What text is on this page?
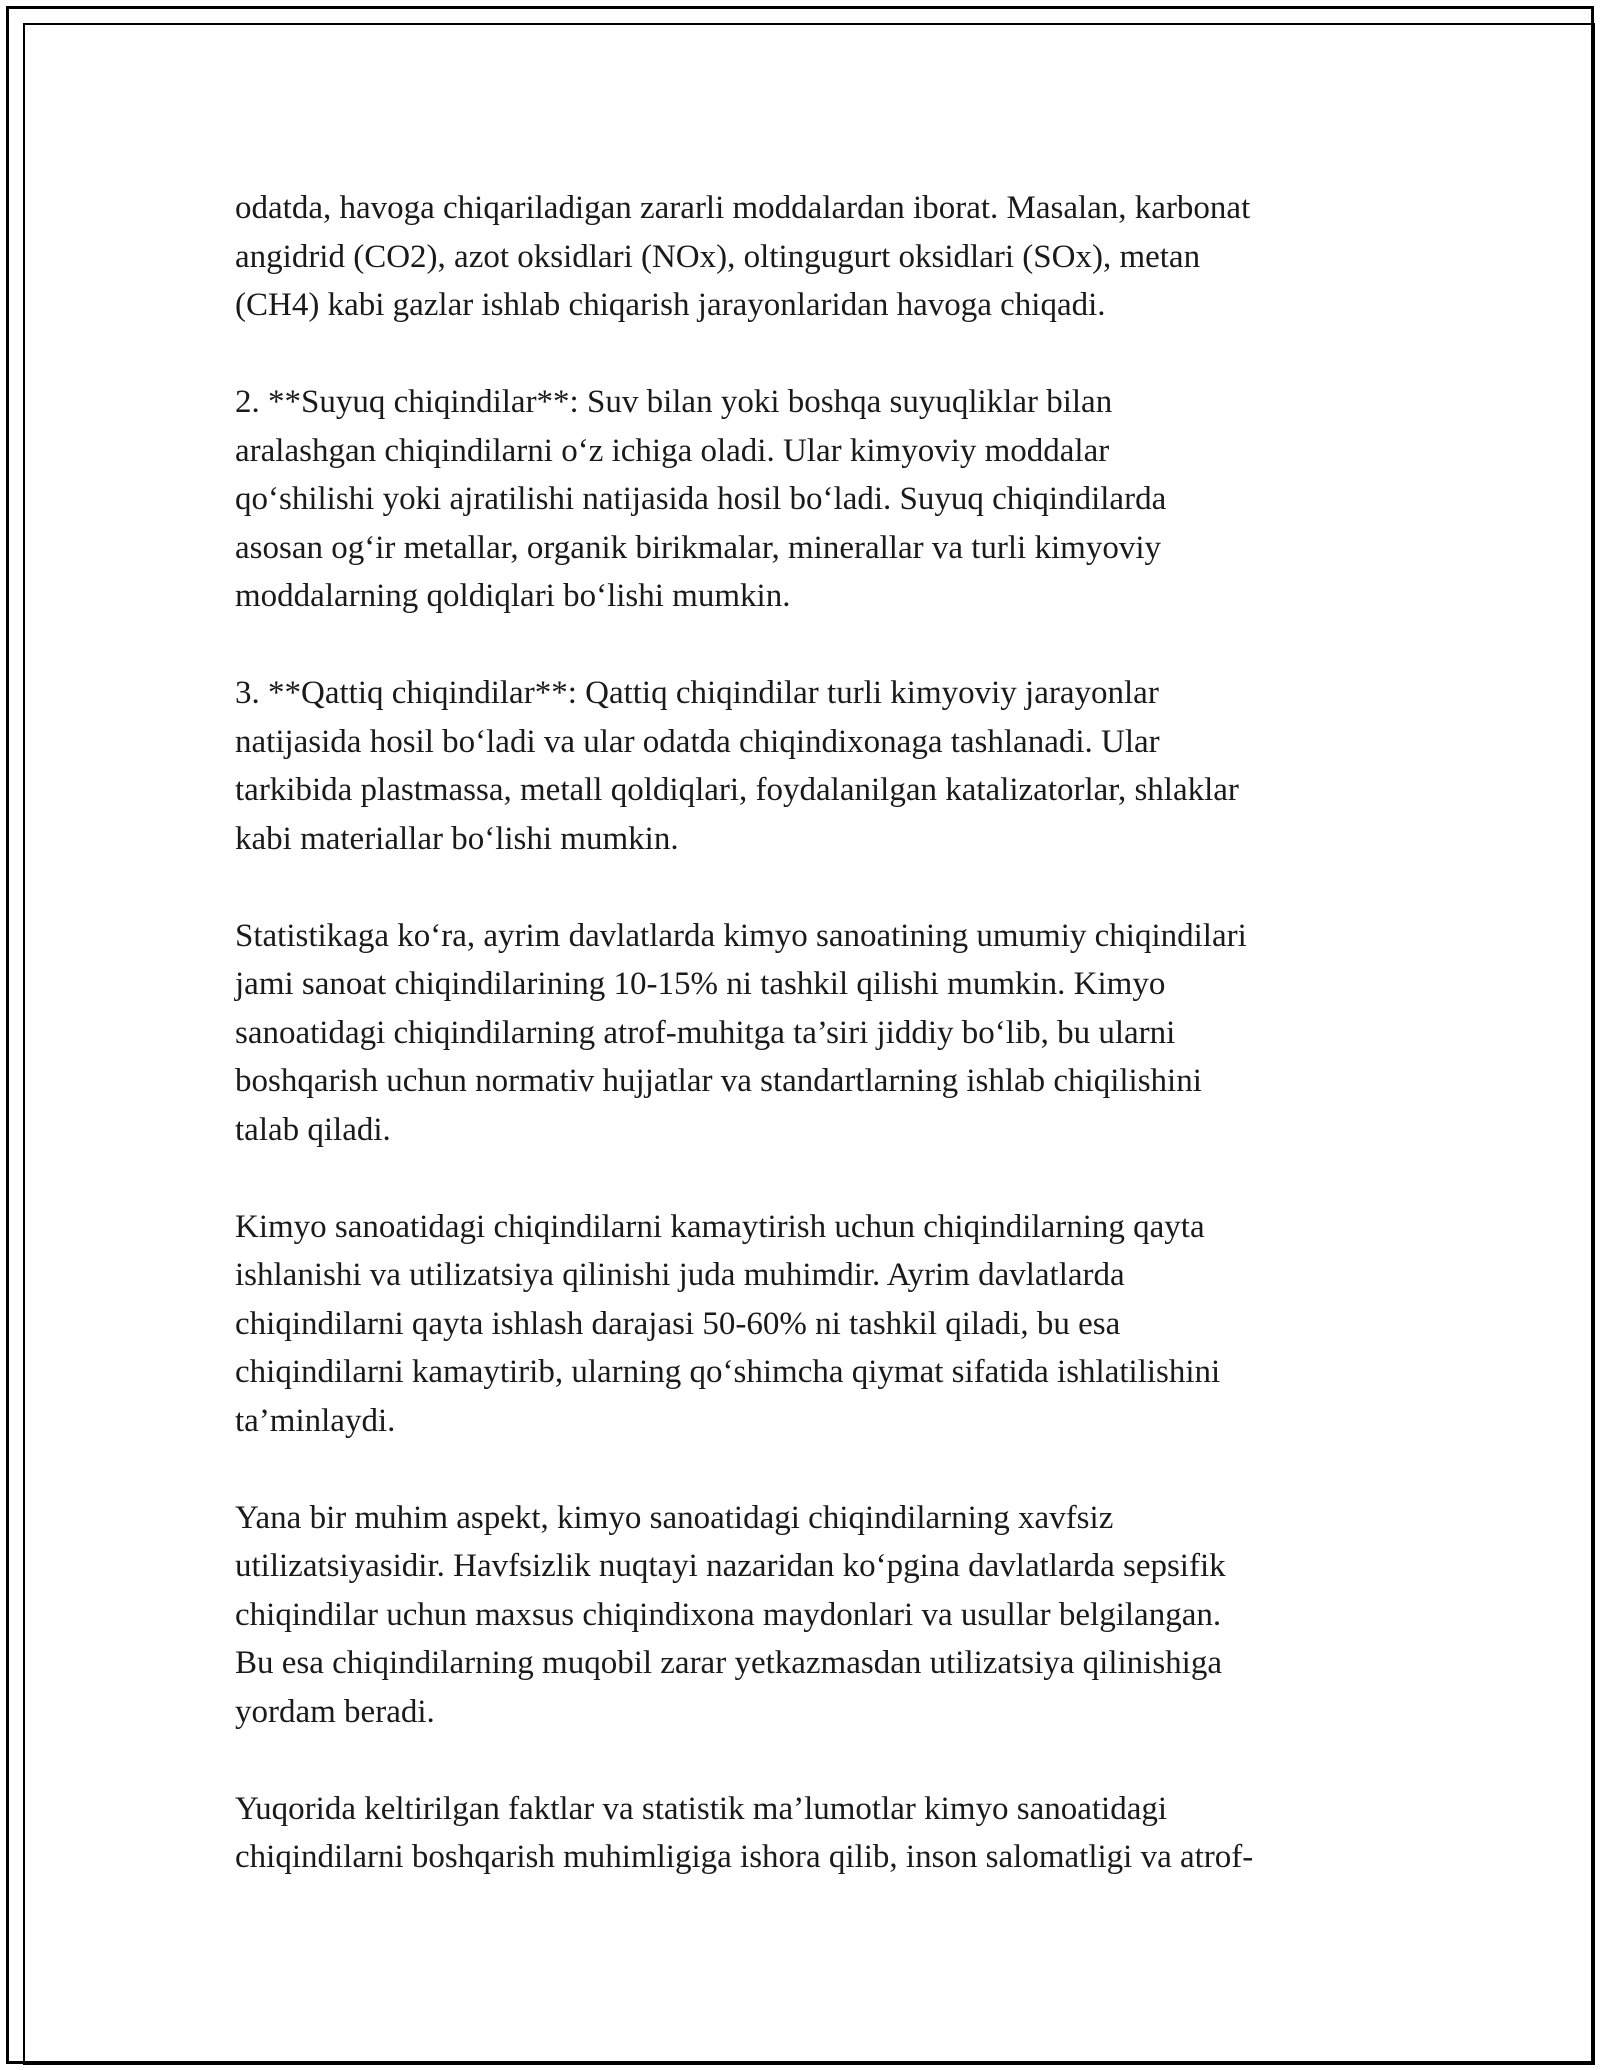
odatda, havoga chiqariladigan zararli moddalardan iborat. Masalan, karbonat
angidrid (CO2), azot oksidlari (NOx), oltingugurt oksidlari (SOx), metan
(CH4) kabi gazlar ishlab chiqarish jarayonlaridan havoga chiqadi.

2. **Suyuq chiqindilar**: Suv bilan yoki boshqa suyuqliklar bilan
aralashgan chiqindilarni o‘z ichiga oladi. Ular kimyoviy moddalar
qo‘shilishi yoki ajratilishi natijasida hosil bo‘ladi. Suyuq chiqindilarda
asosan og‘ir metallar, organik birikmalar, minerallar va turli kimyoviy
moddalarning qoldiqlari bo‘lishi mumkin.

3. **Qattiq chiqindilar**: Qattiq chiqindilar turli kimyoviy jarayonlar
natijasida hosil bo‘ladi va ular odatda chiqindixonaga tashlanadi. Ular
tarkibida plastmassa, metall qoldiqlari, foydalanilgan katalizatorlar, shlaklar
kabi materiallar bo‘lishi mumkin.

Statistikaga ko‘ra, ayrim davlatlarda kimyo sanoatining umumiy chiqindilari
jami sanoat chiqindilarining 10-15% ni tashkil qilishi mumkin. Kimyo
sanoatidagi chiqindilarning atrof-muhitga ta’siri jiddiy bo‘lib, bu ularni
boshqarish uchun normativ hujjatlar va standartlarning ishlab chiqilishini
talab qiladi.

Kimyo sanoatidagi chiqindilarni kamaytirish uchun chiqindilarning qayta
ishlanishi va utilizatsiya qilinishi juda muhimdir. Ayrim davlatlarda
chiqindilarni qayta ishlash darajasi 50-60% ni tashkil qiladi, bu esa
chiqindilarni kamaytirib, ularning qo‘shimcha qiymat sifatida ishlatilishini
ta’minlaydi.

Yana bir muhim aspekt, kimyo sanoatidagi chiqindilarning xavfsiz
utilizatsiyasidir. Havfsizlik nuqtayi nazaridan ko‘pgina davlatlarda sepsifik
chiqindilar uchun maxsus chiqindixona maydonlari va usullar belgilangan.
Bu esa chiqindilarning muqobil zarar yetkazmasdan utilizatsiya qilinishiga
yordam beradi.

Yuqorida keltirilgan faktlar va statistik ma’lumotlar kimyo sanoatidagi
chiqindilarni boshqarish muhimligiga ishora qilib, inson salomatligi va atrof-
